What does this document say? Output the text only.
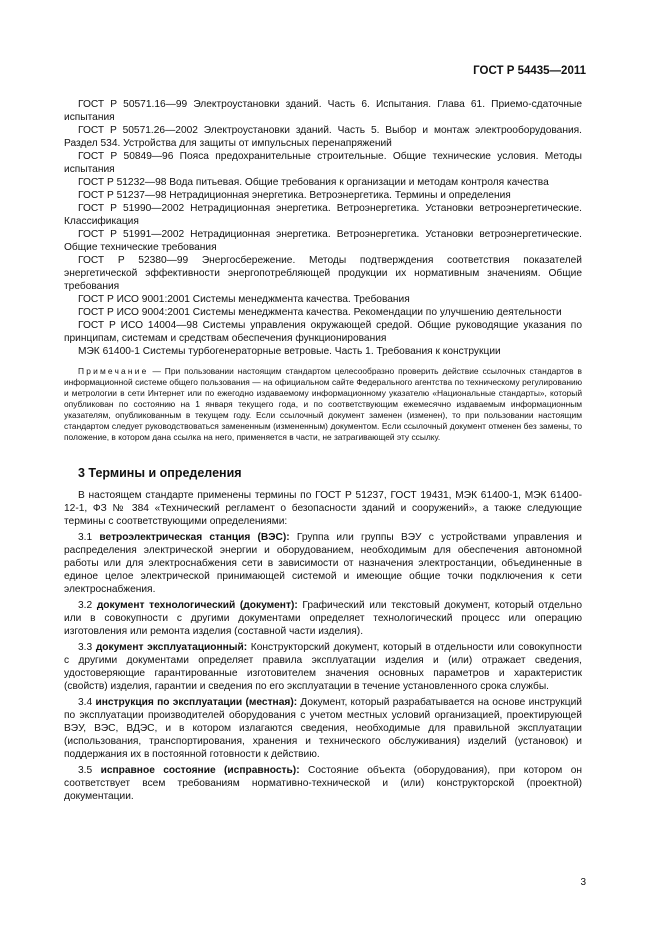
ГОСТ Р 54435—2011

ГОСТ Р 50571.16—99 Электроустановки зданий. Часть 6. Испытания. Глава 61. Приемо-сдаточные испытания

ГОСТ Р 50571.26—2002 Электроустановки зданий. Часть 5. Выбор и монтаж электрооборудования. Раздел 534. Устройства для защиты от импульсных перенапряжений

ГОСТ Р 50849—96 Пояса предохранительные строительные. Общие технические условия. Методы испытания

ГОСТ Р 51232—98 Вода питьевая. Общие требования к организации и методам контроля качества

ГОСТ Р 51237—98 Нетрадиционная энергетика. Ветроэнергетика. Термины и определения

ГОСТ Р 51990—2002 Нетрадиционная энергетика. Ветроэнергетика. Установки ветроэнергетические. Классификация

ГОСТ Р 51991—2002 Нетрадиционная энергетика. Ветроэнергетика. Установки ветроэнергетические. Общие технические требования

ГОСТ Р 52380—99 Энергосбережение. Методы подтверждения соответствия показателей энергетической эффективности энергопотребляющей продукции их нормативным значениям. Общие требования

ГОСТ Р ИСО 9001:2001 Системы менеджмента качества. Требования

ГОСТ Р ИСО 9004:2001 Системы менеджмента качества. Рекомендации по улучшению деятельности

ГОСТ Р ИСО 14004—98 Системы управления окружающей средой. Общие руководящие указания по принципам, системам и средствам обеспечения функционирования

МЭК 61400-1 Системы турбогенераторные ветровые. Часть 1. Требования к конструкции

Примечание — При пользовании настоящим стандартом целесообразно проверить действие ссылочных стандартов в информационной системе общего пользования — на официальном сайте Федерального агентства по техническому регулированию и метрологии в сети Интернет или по ежегодно издаваемому информационному указателю «Национальные стандарты», который опубликован по состоянию на 1 января текущего года, и по соответствующим ежемесячно издаваемым информационным указателям, опубликованным в текущем году. Если ссылочный документ заменен (изменен), то при пользовании настоящим стандартом следует руководствоваться замененным (измененным) документом. Если ссылочный документ отменен без замены, то положение, в котором дана ссылка на него, применяется в части, не затрагивающей эту ссылку.

3 Термины и определения

В настоящем стандарте применены термины по ГОСТ Р 51237, ГОСТ 19431, МЭК 61400-1, МЭК 61400-12-1, ФЗ № 384 «Технический регламент о безопасности зданий и сооружений», а также следующие термины с соответствующими определениями:

3.1 ветроэлектрическая станция (ВЭС): Группа или группы ВЭУ с устройствами управления и распределения электрической энергии и оборудованием, необходимым для обеспечения автономной работы или для электроснабжения сети в зависимости от назначения электростанции, объединенные в единое целое электрической принимающей системой и имеющие общие точки подключения к сети электроснабжения.

3.2 документ технологический (документ): Графический или текстовый документ, который отдельно или в совокупности с другими документами определяет технологический процесс или операцию изготовления или ремонта изделия (составной части изделия).

3.3 документ эксплуатационный: Конструкторский документ, который в отдельности или совокупности с другими документами определяет правила эксплуатации изделия и (или) отражает сведения, удостоверяющие гарантированные изготовителем значения основных параметров и характеристик (свойств) изделия, гарантии и сведения по его эксплуатации в течение установленного срока службы.

3.4 инструкция по эксплуатации (местная): Документ, который разрабатывается на основе инструкций по эксплуатации производителей оборудования с учетом местных условий организацией, проектирующей ВЭУ, ВЭС, ВДЭС, и в котором излагаются сведения, необходимые для правильной эксплуатации (использования, транспортирования, хранения и технического обслуживания) изделий (установок) и поддержания их в постоянной готовности к действию.

3.5 исправное состояние (исправность): Состояние объекта (оборудования), при котором он соответствует всем требованиям нормативно-технической и (или) конструкторской (проектной) документации.

3
